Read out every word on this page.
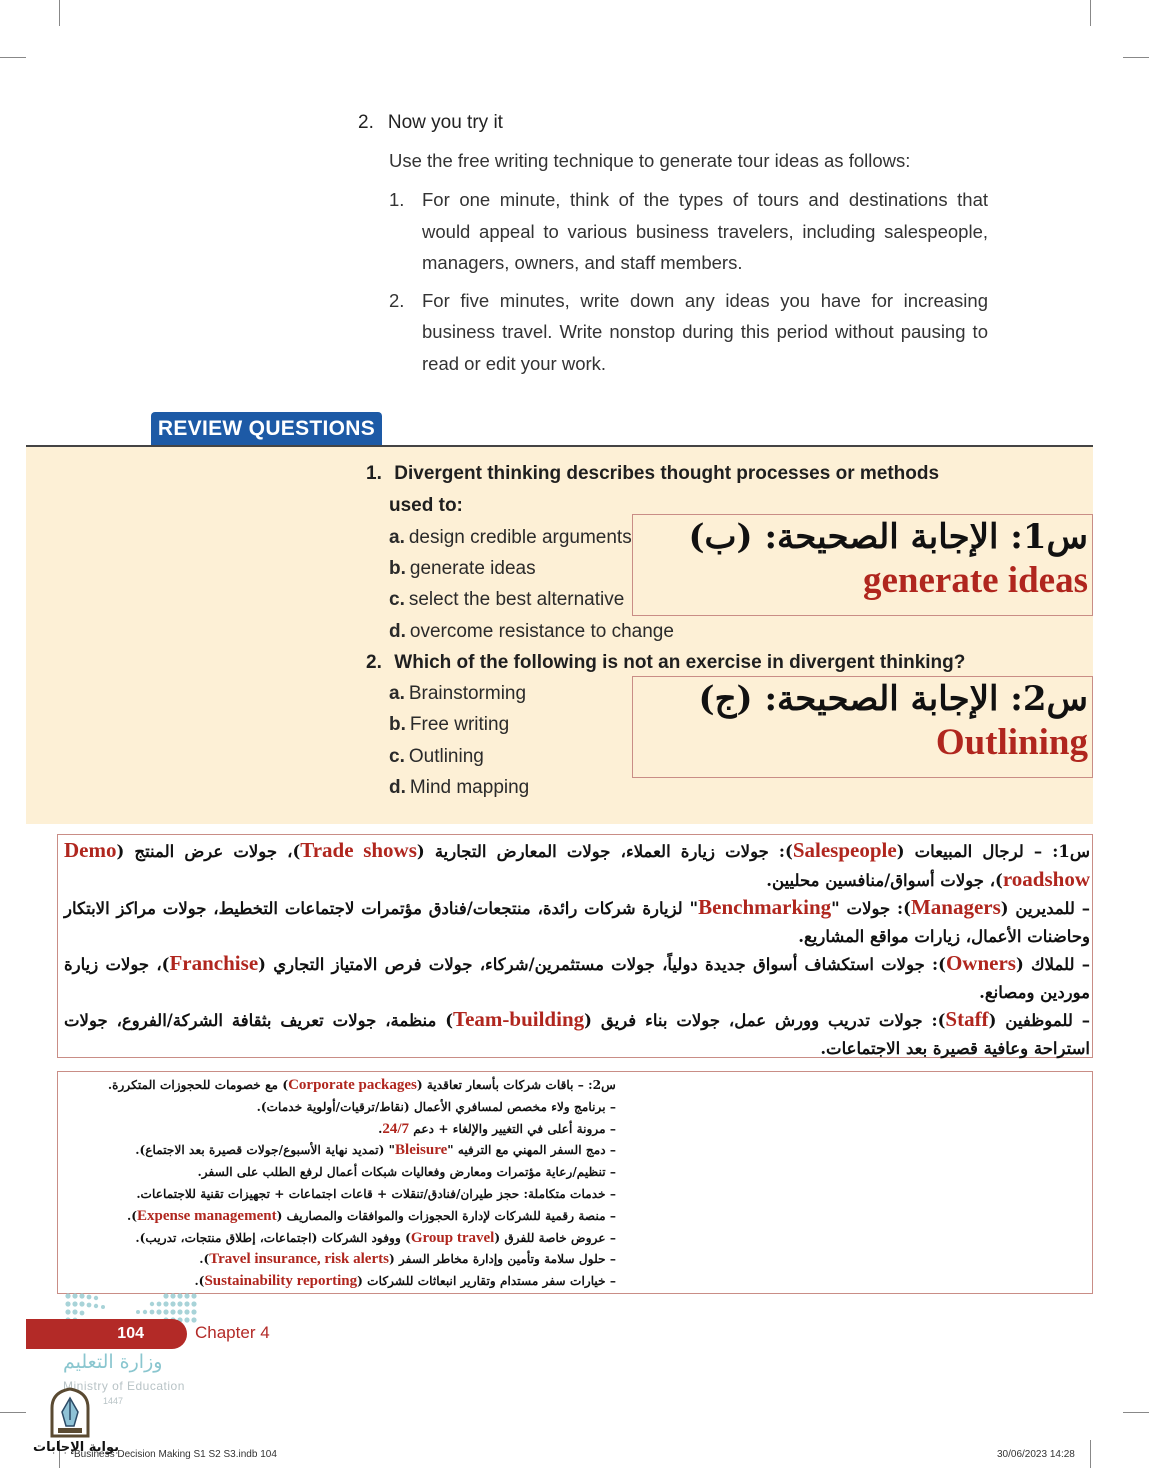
2. Now you try it
Use the free writing technique to generate tour ideas as follows:
1. For one minute, think of the types of tours and destinations that would appeal to various business travelers, including salespeople, managers, owners, and staff members.
2. For five minutes, write down any ideas you have for increasing business travel. Write nonstop during this period without pausing to read or edit your work.
REVIEW QUESTIONS
1. Divergent thinking describes thought processes or methods
used to:
a. design credible arguments
b. generate ideas
c. select the best alternative
d. overcome resistance to change
س1: الإجابة الصحيحة: (ب)
generate ideas
2. Which of the following is not an exercise in divergent thinking?
a. Brainstorming
b. Free writing
c. Outlining
d. Mind mapping
س2: الإجابة الصحيحة: (ج)
Outlining

س1: – لرجال المبيعات (Salespeople): جولات زيارة العملاء، جولات المعارض التجارية (Trade shows)، جولات عرض المنتج (Demo roadshow)، جولات أسواق/منافسين محليين.

– للمديرين (Managers): جولات "Benchmarking" لزيارة شركات رائدة، منتجعات/فنادق مؤتمرات لاجتماعات التخطيط، جولات مراكز الابتكار وحاضنات الأعمال، زيارات مواقع المشاريع.

– للملاك (Owners): جولات استكشاف أسواق جديدة دولياً، جولات مستثمرين/شركاء، جولات فرص الامتياز التجاري (Franchise)، جولات زيارة موردين ومصانع.

– للموظفين (Staff): جولات تدريب وورش عمل، جولات بناء فريق (Team-building) منظمة، جولات تعريف بثقافة الشركة/الفروع، جولات استراحة وعافية قصيرة بعد الاجتماعات.

س2: – باقات شركات بأسعار تعاقدية (Corporate packages) مع خصومات للحجوزات المتكررة.

– برنامج ولاء مخصص لمسافري الأعمال (نقاط/ترقيات/أولوية خدمات).

– مرونة أعلى في التغيير والإلغاء + دعم 24/7.

– دمج السفر المهني مع الترفيه "Bleisure" (تمديد نهاية الأسبوع/جولات قصيرة بعد الاجتماع).

– تنظيم/رعاية مؤتمرات ومعارض وفعاليات شبكات أعمال لرفع الطلب على السفر.

– خدمات متكاملة: حجز طيران/فنادق/تنقلات + قاعات اجتماعات + تجهيزات تقنية للاجتماعات.

– منصة رقمية للشركات لإدارة الحجوزات والموافقات والمصاريف (Expense management).

– عروض خاصة للفرق (Group travel) ووفود الشركات (اجتماعات، إطلاق منتجات، تدريب).

– حلول سلامة وتأمين وإدارة مخاطر السفر (Travel insurance, risk alerts).

– خيارات سفر مستدام وتقارير انبعاثات للشركات (Sustainability reporting).

104	Chapter 4
وزارة التعليم
Ministry of Education
1447
بوابة الإجابات
Business Decision Making S1 S2 S3.indb 104	30/06/2023 14:28
